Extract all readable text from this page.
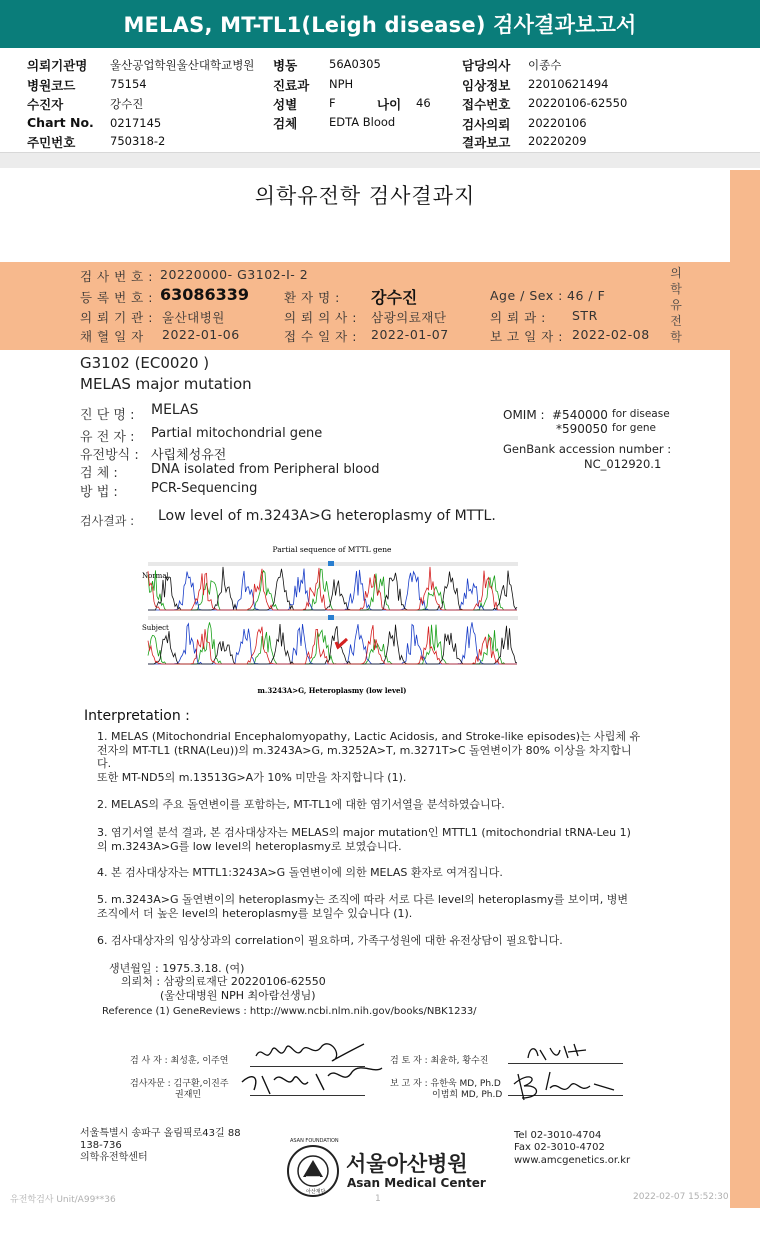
MELAS, MT-TL1(Leigh disease) 검사결과보고서
의뢰기관명 울산공업학원울산대학교병원 병동	56A0305	담당의사 이종수
병원코드	75154	진료과 NPH	임상정보 22010621494
수진자	강수진	성별	F	나이 46	접수번호 20220106-62550
Chart No. 0217145	검체	EDTA Blood	검사의뢰 20220106
주민번호	750318-2	결과보고 20220209
의학유전학 검사결과지
검 사 번 호 : 20220000- G3102-I- 2
등 록 번 호 : 63086339	환 자 명 : 강수진	Age / Sex : 46 / F
의 뢰 기 관 : 울산대병원	의 뢰 의 사 : 삼광의료재단	의 뢰 과 : STR
채 혈 일 자 2022-01-06	접 수 일 자 : 2022-01-07	보 고 일 자 : 2022-02-08
의
학
유
전
학
G3102 (EC0020 )
MELAS major mutation
진 단 명 : MELAS
유 전 자 : Partial mitochondrial gene
유전방식 : 사립체성유전
검 체 :	DNA isolated from Peripheral blood
방 법 :	PCR-Sequencing
OMIM : #540000 for disease
*590050 for gene
GenBank accession number :
NC_012920.1
검사결과 : Low level of m.3243A>G heteroplasmy of MTTL.
Partial sequence of MTTL gene
Normal
Subject
m.3243A>G, Heteroplasmy (low level)
Interpretation :
1. MELAS (Mitochondrial Encephalomyopathy, Lactic Acidosis, and Stroke-like episodes)는 사립체 유
전자의 MT-TL1 (tRNA(Leu))의 m.3243A>G, m.3252A>T, m.3271T>C 돌연변이가 80% 이상을 차지합니
다.
또한 MT-ND5의 m.13513G>A가 10% 미만을 차지합니다 (1).
2. MELAS의 주요 돌연변이를 포함하는, MT-TL1에 대한 염기서열을 분석하였습니다.
3. 염기서열 분석 결과, 본 검사대상자는 MELAS의 major mutation인 MTTL1 (mitochondrial tRNA-Leu 1)
의 m.3243A>G를 low level의 heteroplasmy로 보였습니다.
4. 본 검사대상자는 MTTL1:3243A>G 돌연변이에 의한 MELAS 환자로 여겨집니다.
5. m.3243A>G 돌연변이의 heteroplasmy는 조직에 따라 서로 다른 level의 heteroplasmy를 보이며, 병변
조직에서 더 높은 level의 heteroplasmy를 보일수 있습니다 (1).
6. 검사대상자의 임상상과의 correlation이 필요하며, 가족구성원에 대한 유전상담이 필요합니다.
생년월일 : 1975.3.18. (여)
의뢰처 : 삼광의료재단 20220106-62550
(울산대병원 NPH 최아람선생님)
Reference (1) GeneReviews : http://www.ncbi.nlm.nih.gov/books/NBK1233/
검 사 자 : 최성훈, 이주연	검 토 자 : 최윤하, 황수진
검사자문 : 김구환,이진주
권재민
보 고 자 : 유한욱 MD, Ph.D
이범희 MD, Ph.D
서울특별시 송파구 올림픽로43길 88
138-736
의학유전학센터
ASAN FOUNDATION
아산재단
서울아산병원
Asan Medical Center
Tel 02-3010-4704
Fax 02-3010-4702
www.amcgenetics.or.kr
유전학검사 Unit/A99**36	1	2022-02-07 15:52:30
